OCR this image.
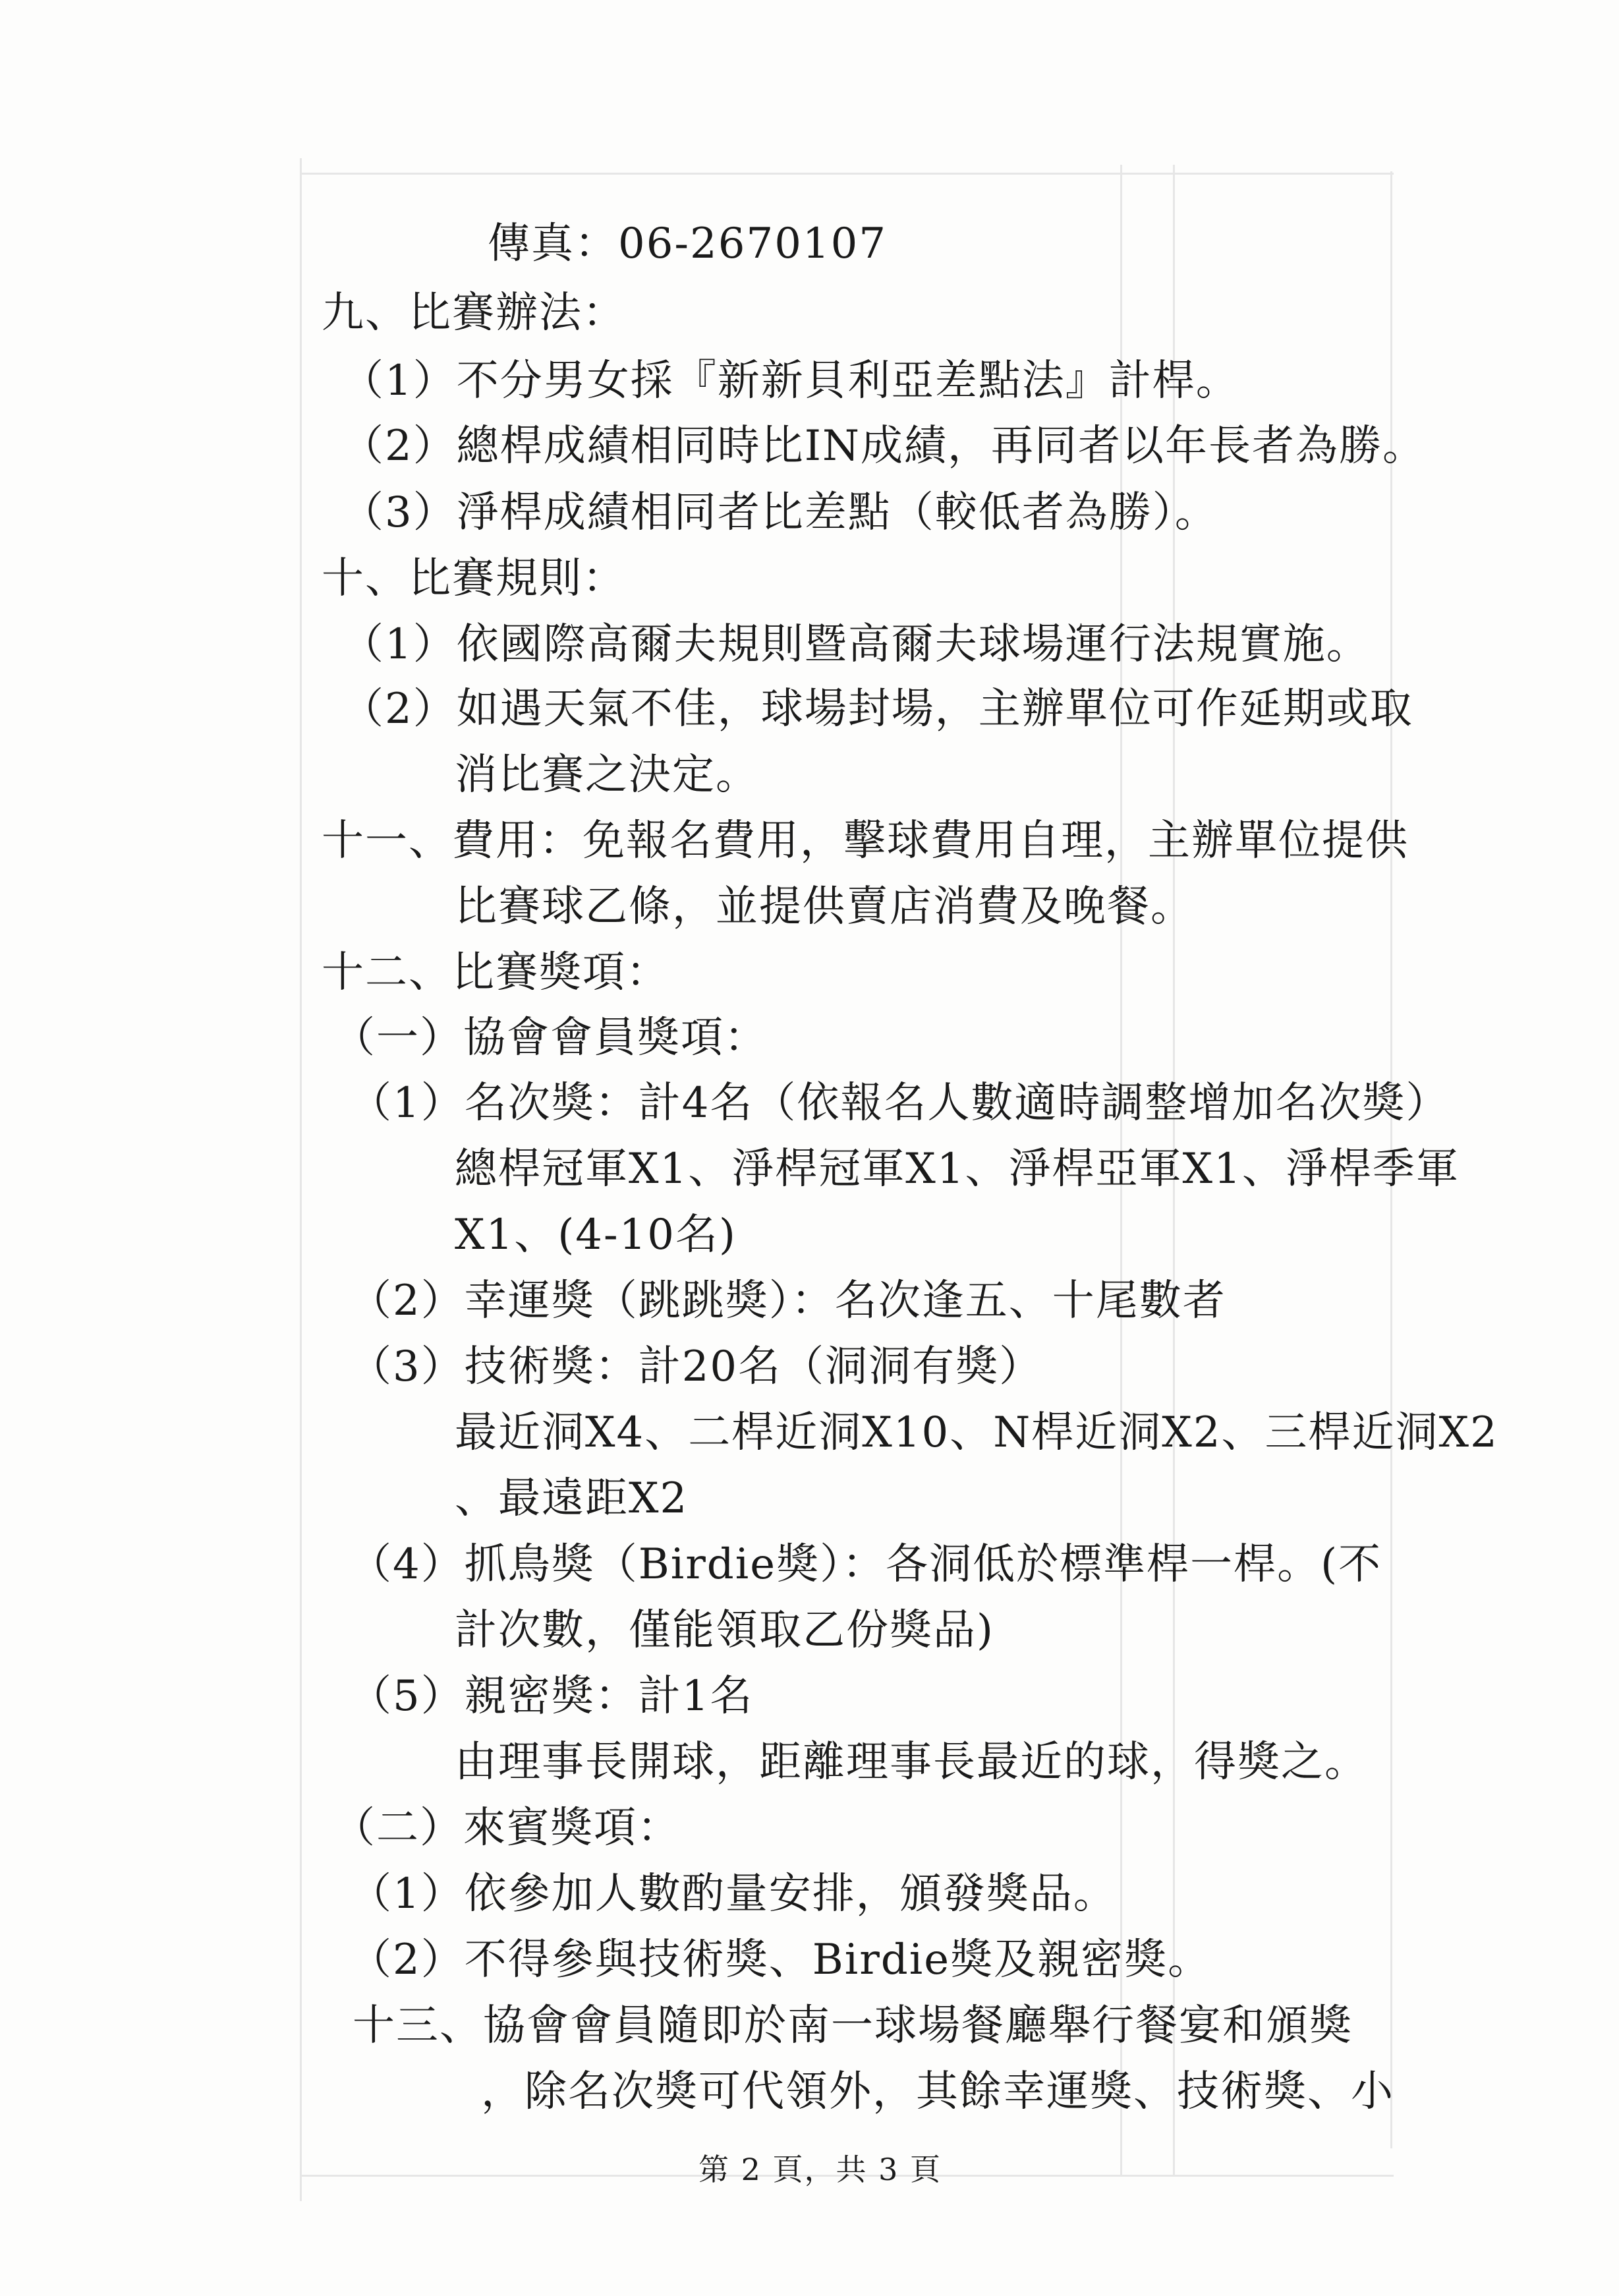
傳真：06-2670107
九、比賽辦法：
（1）不分男女採『新新貝利亞差點法』計桿。
（2）總桿成績相同時比IN成績，再同者以年長者為勝。
（3）淨桿成績相同者比差點（較低者為勝）。
十、比賽規則：
（1）依國際高爾夫規則暨高爾夫球場運行法規實施。
（2）如遇天氣不佳，球場封場，主辦單位可作延期或取
消比賽之決定。
十一、費用：免報名費用，擊球費用自理，主辦單位提供
比賽球乙條，並提供賣店消費及晚餐。
十二、比賽獎項：
（一）協會會員獎項：
（1）名次獎：計4名（依報名人數適時調整增加名次獎）
總桿冠軍X1、淨桿冠軍X1、淨桿亞軍X1、淨桿季軍
X1、(4-10名)
（2）幸運獎（跳跳獎）：名次逢五、十尾數者
（3）技術獎：計20名（洞洞有獎）
最近洞X4、二桿近洞X10、N桿近洞X2、三桿近洞X2
、最遠距X2
（4）抓鳥獎（Birdie獎）：各洞低於標準桿一桿。(不
計次數，僅能領取乙份獎品)
（5）親密獎：計1名
由理事長開球，距離理事長最近的球，得獎之。
（二）來賓獎項：
（1）依參加人數酌量安排，頒發獎品。
（2）不得參與技術獎、Birdie獎及親密獎。
十三、協會會員隨即於南一球場餐廳舉行餐宴和頒獎
，除名次獎可代領外，其餘幸運獎、技術獎、小
第 2 頁，共 3 頁
